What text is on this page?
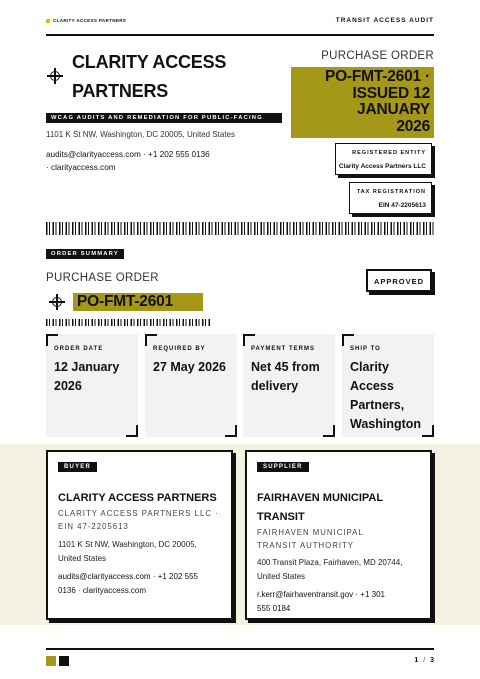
CLARITY ACCESS PARTNERS	TRANSIT ACCESS AUDIT
CLARITY ACCESS
PARTNERS
WCAG AUDITS AND REMEDIATION FOR PUBLIC-FACING
1101 K St NW, Washington, DC 20005, United States
audits@clarityaccess.com · +1 202 555 0136
· clarityaccess.com
PURCHASE ORDER
PO-FMT-2601 ·
ISSUED 12
JANUARY
2026
REGISTERED ENTITY
Clarity Access Partners LLC
TAX REGISTRATION
EIN 47-2205613
ORDER SUMMARY
PURCHASE ORDER
PO-FMT-2601
APPROVED
ORDER DATE
12 January 2026
REQUIRED BY
27 May 2026
PAYMENT TERMS
Net 45 from delivery
SHIP TO
Clarity Access Partners, Washington
BUYER
CLARITY ACCESS PARTNERS
CLARITY ACCESS PARTNERS LLC ·
EIN 47-2205613
1101 K St NW, Washington, DC 20005,
United States
audits@clarityaccess.com · +1 202 555
0136 · clarityaccess.com
SUPPLIER
FAIRHAVEN MUNICIPAL
TRANSIT
FAIRHAVEN MUNICIPAL
TRANSIT AUTHORITY
400 Transit Plaza, Fairhaven, MD 20744,
United States
r.kerr@fairhaventransit.gov · +1 301
555 0184
1 / 3
